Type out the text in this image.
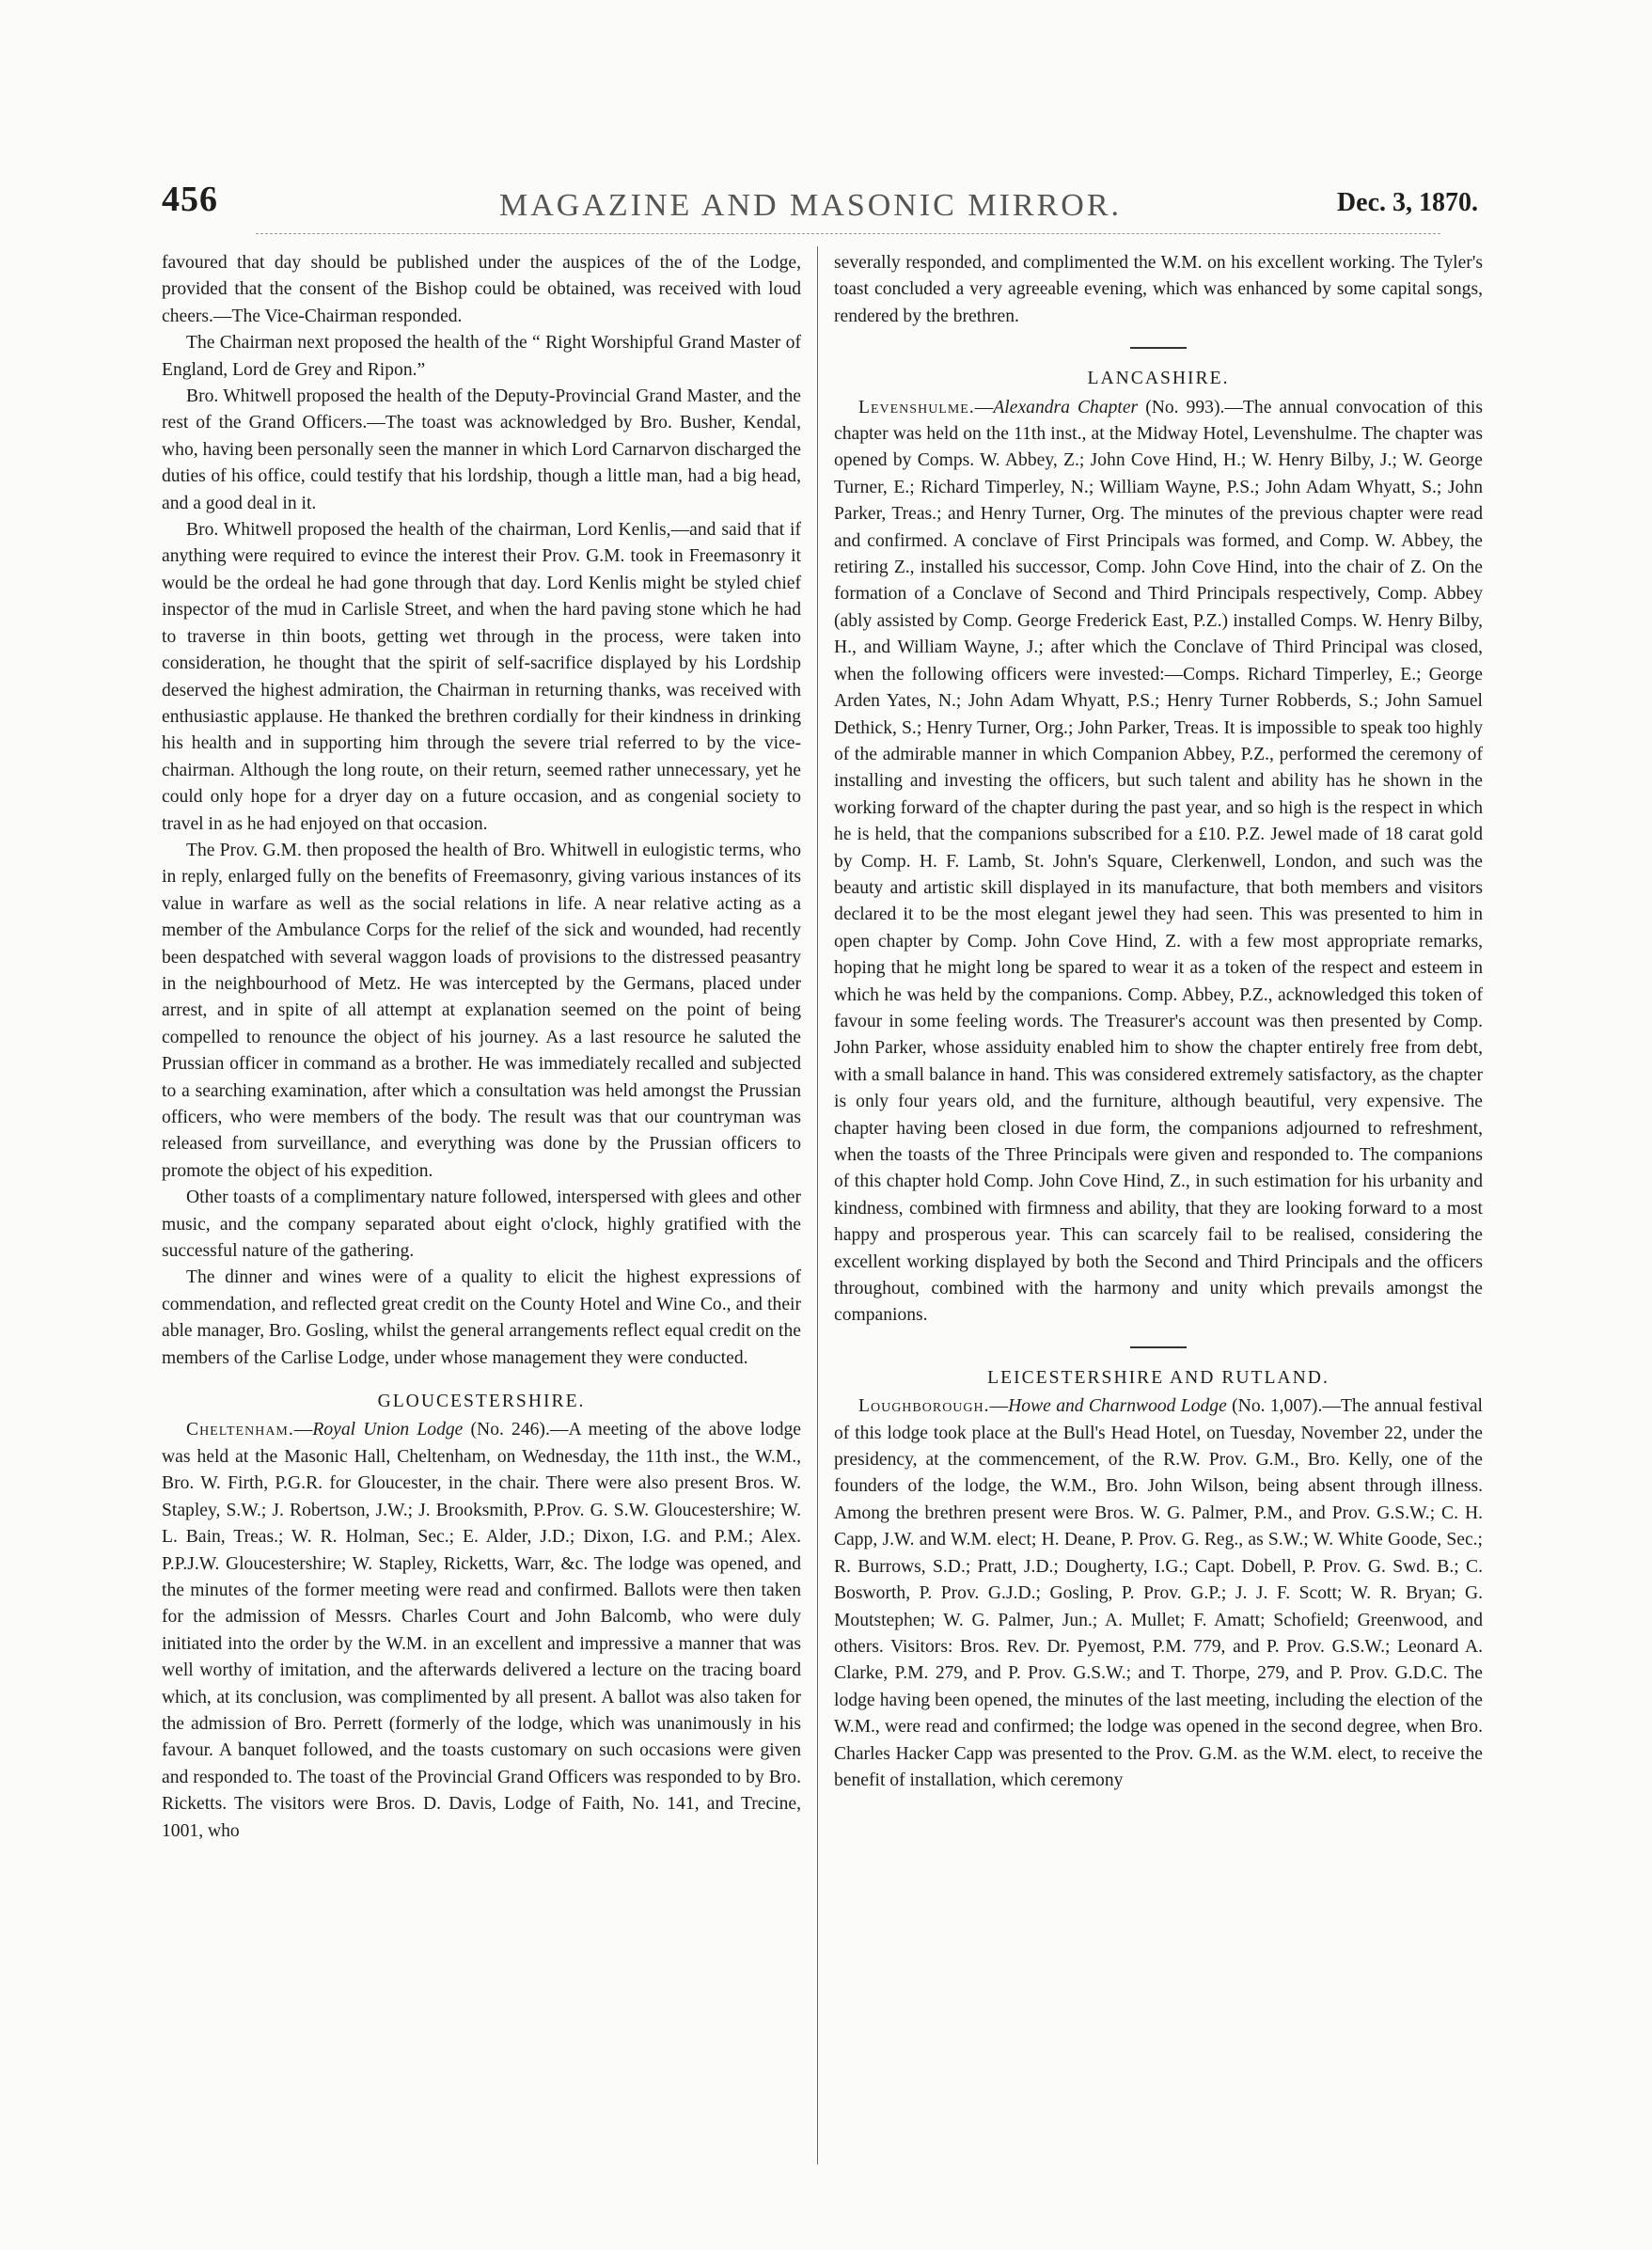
456	MAGAZINE AND MASONIC MIRROR.	Dec. 3, 1870.

favoured that day should be published under the auspices of the of the Lodge, provided that the consent of the Bishop could be obtained, was received with loud cheers.—The Vice-Chairman responded.

The Chairman next proposed the health of the “ Right Worshipful Grand Master of England, Lord de Grey and Ripon.”

Bro. Whitwell proposed the health of the Deputy-Provincial Grand Master, and the rest of the Grand Officers.—The toast was acknowledged by Bro. Busher, Kendal, who, having been personally seen the manner in which Lord Carnarvon discharged the duties of his office, could testify that his lordship, though a little man, had a big head, and a good deal in it.

Bro. Whitwell proposed the health of the chairman, Lord Kenlis,—and said that if anything were required to evince the interest their Prov. G.M. took in Freemasonry it would be the ordeal he had gone through that day. Lord Kenlis might be styled chief inspector of the mud in Carlisle Street, and when the hard paving stone which he had to traverse in thin boots, getting wet through in the process, were taken into consideration, he thought that the spirit of self-sacrifice displayed by his Lordship deserved the highest admiration, the Chairman in returning thanks, was received with enthusiastic applause. He thanked the brethren cordially for their kindness in drinking his health and in supporting him through the severe trial referred to by the vice-chairman. Although the long route, on their return, seemed rather unnecessary, yet he could only hope for a dryer day on a future occasion, and as congenial society to travel in as he had enjoyed on that occasion.

The Prov. G.M. then proposed the health of Bro. Whitwell in eulogistic terms, who in reply, enlarged fully on the benefits of Freemasonry, giving various instances of its value in warfare as well as the social relations in life. A near relative acting as a member of the Ambulance Corps for the relief of the sick and wounded, had recently been despatched with several waggon loads of provisions to the distressed peasantry in the neighbourhood of Metz. He was intercepted by the Germans, placed under arrest, and in spite of all attempt at explanation seemed on the point of being compelled to renounce the object of his journey. As a last resource he saluted the Prussian officer in command as a brother. He was immediately recalled and subjected to a searching examination, after which a consultation was held amongst the Prussian officers, who were members of the body. The result was that our countryman was released from surveillance, and everything was done by the Prussian officers to promote the object of his expedition.

Other toasts of a complimentary nature followed, interspersed with glees and other music, and the company separated about eight o'clock, highly gratified with the successful nature of the gathering.

The dinner and wines were of a quality to elicit the highest expressions of commendation, and reflected great credit on the County Hotel and Wine Co., and their able manager, Bro. Gosling, whilst the general arrangements reflect equal credit on the members of the Carlise Lodge, under whose management they were conducted.

GLOUCESTERSHIRE.

Cheltenham.—Royal Union Lodge (No. 246).—A meeting of the above lodge was held at the Masonic Hall, Cheltenham, on Wednesday, the 11th inst., the W.M., Bro. W. Firth, P.G.R. for Gloucester, in the chair. There were also present Bros. W. Stapley, S.W.; J. Robertson, J.W.; J. Brooksmith, P.Prov. G. S.W. Gloucestershire; W. L. Bain, Treas.; W. R. Holman, Sec.; E. Alder, J.D.; Dixon, I.G. and P.M.; Alex. P.P.J.W. Gloucestershire; W. Stapley, Ricketts, Warr, &c. The lodge was opened, and the minutes of the former meeting were read and confirmed. Ballots were then taken for the admission of Messrs. Charles Court and John Balcomb, who were duly initiated into the order by the W.M. in an excellent and impressive a manner that was well worthy of imitation, and the afterwards delivered a lecture on the tracing board which, at its conclusion, was complimented by all present. A ballot was also taken for the admission of Bro. Perrett (formerly of the lodge, which was unanimously in his favour. A banquet followed, and the toasts customary on such occasions were given and responded to. The toast of the Provincial Grand Officers was responded to by Bro. Ricketts. The visitors were Bros. D. Davis, Lodge of Faith, No. 141, and Trecine, 1001, who

severally responded, and complimented the W.M. on his excellent working. The Tyler's toast concluded a very agreeable evening, which was enhanced by some capital songs, rendered by the brethren.

LANCASHIRE.

Levenshulme.—Alexandra Chapter (No. 993).—The annual convocation of this chapter was held on the 11th inst., at the Midway Hotel, Levenshulme. The chapter was opened by Comps. W. Abbey, Z.; John Cove Hind, H.; W. Henry Bilby, J.; W. George Turner, E.; Richard Timperley, N.; William Wayne, P.S.; John Adam Whyatt, S.; John Parker, Treas.; and Henry Turner, Org. The minutes of the previous chapter were read and confirmed. A conclave of First Principals was formed, and Comp. W. Abbey, the retiring Z., installed his successor, Comp. John Cove Hind, into the chair of Z. On the formation of a Conclave of Second and Third Principals respectively, Comp. Abbey (ably assisted by Comp. George Frederick East, P.Z.) installed Comps. W. Henry Bilby, H., and William Wayne, J.; after which the Conclave of Third Principal was closed, when the following officers were invested:—Comps. Richard Timperley, E.; George Arden Yates, N.; John Adam Whyatt, P.S.; Henry Turner Robberds, S.; John Samuel Dethick, S.; Henry Turner, Org.; John Parker, Treas. It is impossible to speak too highly of the admirable manner in which Companion Abbey, P.Z., performed the ceremony of installing and investing the officers, but such talent and ability has he shown in the working forward of the chapter during the past year, and so high is the respect in which he is held, that the companions subscribed for a £10. P.Z. Jewel made of 18 carat gold by Comp. H. F. Lamb, St. John's Square, Clerkenwell, London, and such was the beauty and artistic skill displayed in its manufacture, that both members and visitors declared it to be the most elegant jewel they had seen. This was presented to him in open chapter by Comp. John Cove Hind, Z. with a few most appropriate remarks, hoping that he might long be spared to wear it as a token of the respect and esteem in which he was held by the companions. Comp. Abbey, P.Z., acknowledged this token of favour in some feeling words. The Treasurer's account was then presented by Comp. John Parker, whose assiduity enabled him to show the chapter entirely free from debt, with a small balance in hand. This was considered extremely satisfactory, as the chapter is only four years old, and the furniture, although beautiful, very expensive. The chapter having been closed in due form, the companions adjourned to refreshment, when the toasts of the Three Principals were given and responded to. The companions of this chapter hold Comp. John Cove Hind, Z., in such estimation for his urbanity and kindness, combined with firmness and ability, that they are looking forward to a most happy and prosperous year. This can scarcely fail to be realised, considering the excellent working displayed by both the Second and Third Principals and the officers throughout, combined with the harmony and unity which prevails amongst the companions.

LEICESTERSHIRE AND RUTLAND.

Loughborough.—Howe and Charnwood Lodge (No. 1,007).—The annual festival of this lodge took place at the Bull's Head Hotel, on Tuesday, November 22, under the presidency, at the commencement, of the R.W. Prov. G.M., Bro. Kelly, one of the founders of the lodge, the W.M., Bro. John Wilson, being absent through illness. Among the brethren present were Bros. W. G. Palmer, P.M., and Prov. G.S.W.; C. H. Capp, J.W. and W.M. elect; H. Deane, P. Prov. G. Reg., as S.W.; W. White Goode, Sec.; R. Burrows, S.D.; Pratt, J.D.; Dougherty, I.G.; Capt. Dobell, P. Prov. G. Swd. B.; C. Bosworth, P. Prov. G.J.D.; Gosling, P. Prov. G.P.; J. J. F. Scott; W. R. Bryan; G. Moutstephen; W. G. Palmer, Jun.; A. Mullet; F. Amatt; Schofield; Greenwood, and others. Visitors: Bros. Rev. Dr. Pyemost, P.M. 779, and P. Prov. G.S.W.; Leonard A. Clarke, P.M. 279, and P. Prov. G.S.W.; and T. Thorpe, 279, and P. Prov. G.D.C. The lodge having been opened, the minutes of the last meeting, including the election of the W.M., were read and confirmed; the lodge was opened in the second degree, when Bro. Charles Hacker Capp was presented to the Prov. G.M. as the W.M. elect, to receive the benefit of installation, which ceremony
